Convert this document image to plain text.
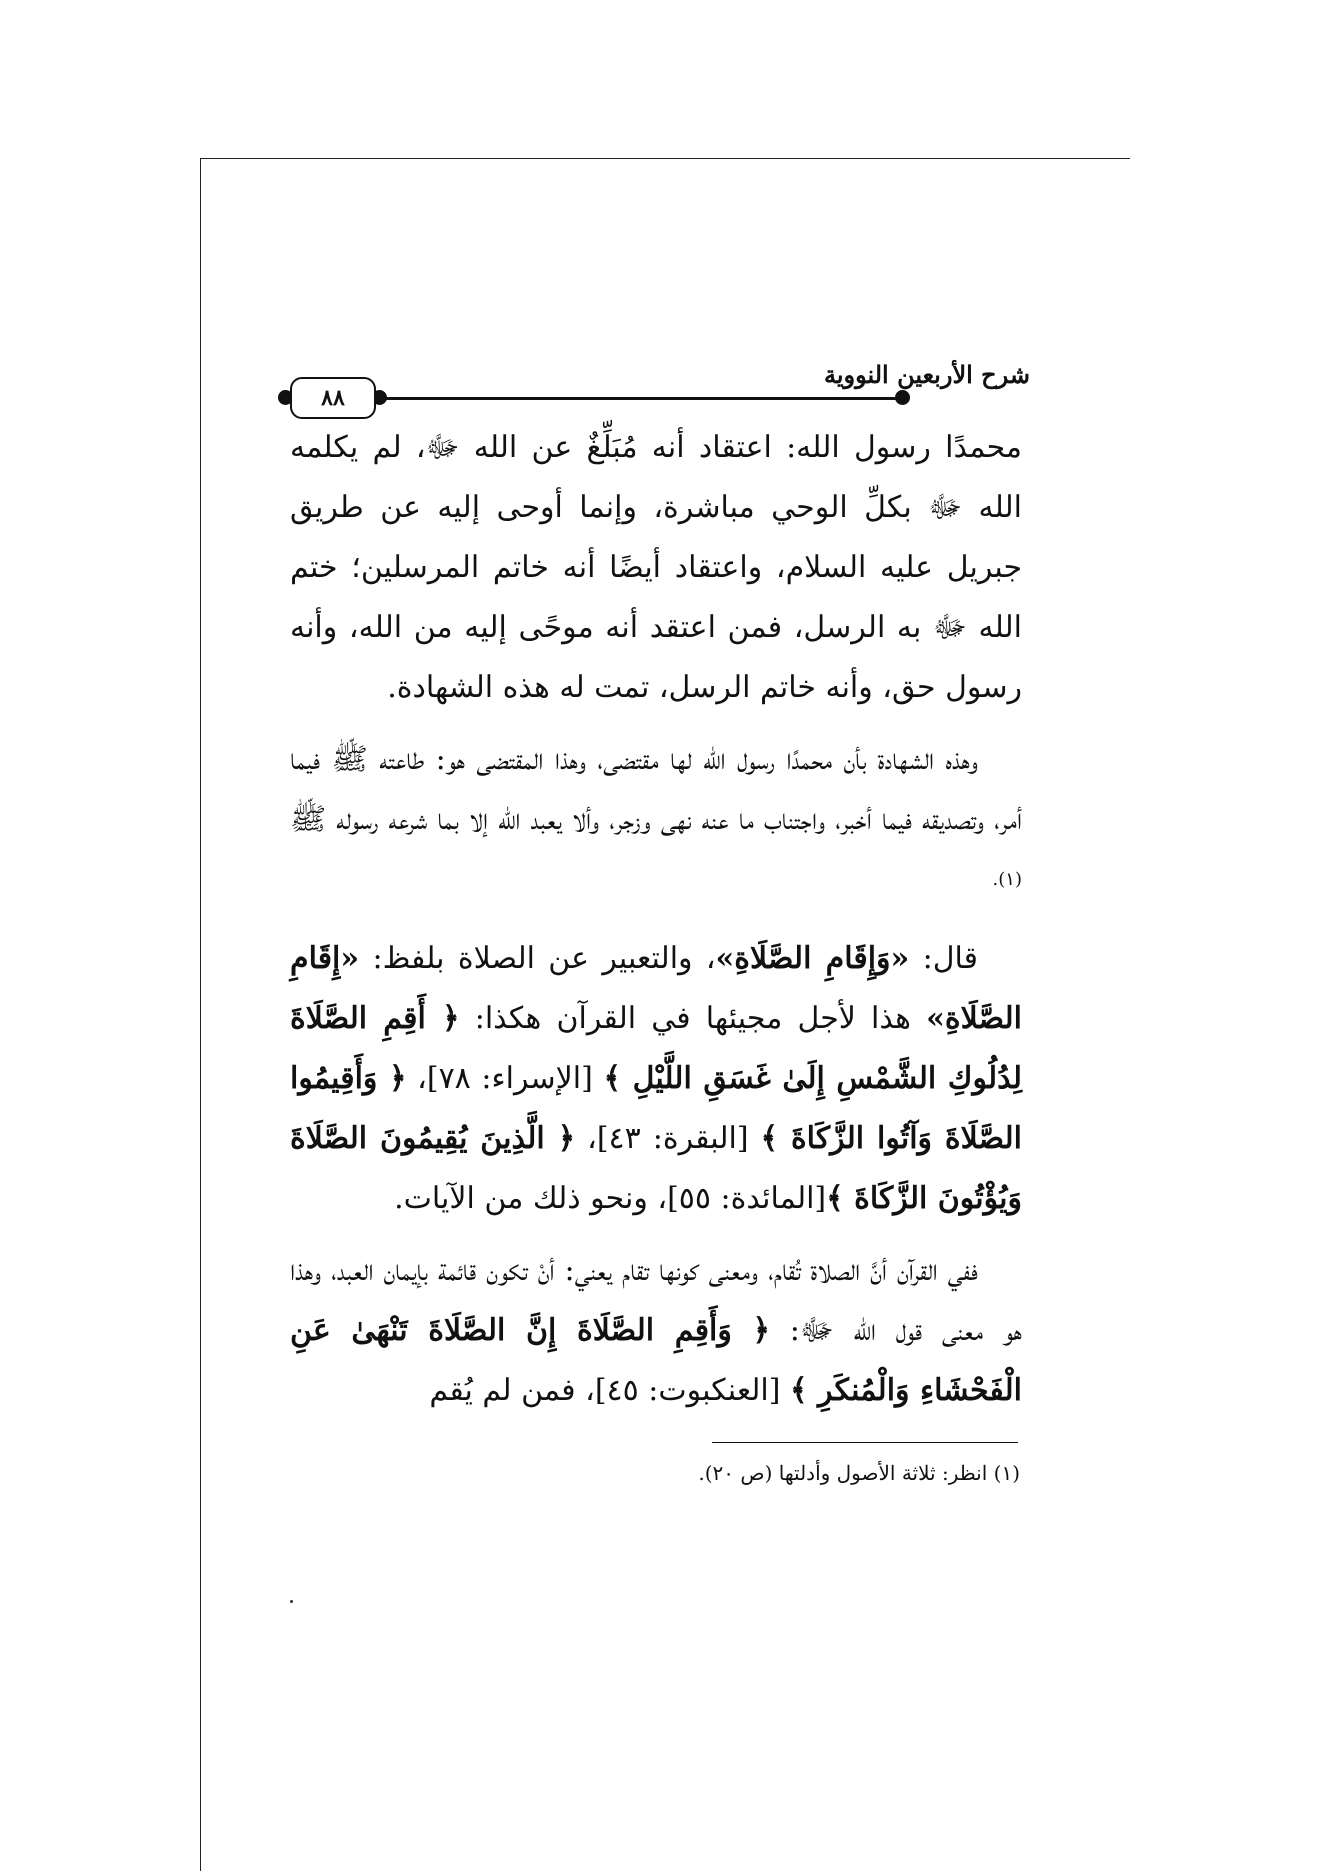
٨٨
شرح الأربعين النووية

محمدًا رسول الله: اعتقاد أنه مُبَلِّغٌ عن الله ﷻ، لم يكلمه الله ﷻ بكلِّ الوحي مباشرة، وإنما أوحى إليه عن طريق جبريل عليه السلام، واعتقاد أيضًا أنه خاتم المرسلين؛ ختم الله ﷻ به الرسل، فمن اعتقد أنه موحًى إليه من الله، وأنه رسول حق، وأنه خاتم الرسل، تمت له هذه الشهادة.

وهذه الشهادة بأن محمدًا رسول الله لها مقتضى، وهذا المقتضى هو: طاعته ﷺ فيما أمر، وتصديقه فيما أخبر، واجتناب ما عنه نهى وزجر، وألا يعبد الله إلا بما شرعه رسوله ﷺ $^{(١).}$

قال: «وَإِقَامِ الصَّلَاةِ»، والتعبير عن الصلاة بلفظ: «إِقَامِ الصَّلَاةِ» هذا لأجل مجيئها في القرآن هكذا: ﴿ أَقِمِ الصَّلَاةَ لِدُلُوكِ الشَّمْسِ إِلَىٰ غَسَقِ اللَّيْلِ ﴾ [الإسراء: ٧٨]، ﴿ وَأَقِيمُوا الصَّلَاةَ وَآتُوا الزَّكَاةَ ﴾ [البقرة: ٤٣]، ﴿ الَّذِينَ يُقِيمُونَ الصَّلَاةَ وَيُؤْتُونَ الزَّكَاةَ ﴾[المائدة: ٥٥]، ونحو ذلك من الآيات.

ففي القرآن أنَّ الصلاة تُقام، ومعنى كونها تقام يعني: أنْ تكون قائمة بإيمان العبد، وهذا هو معنى قول الله ﷻ: ﴿ وَأَقِمِ الصَّلَاةَ إِنَّ الصَّلَاةَ تَنْهَىٰ عَنِ الْفَحْشَاءِ وَالْمُنكَرِ ﴾ [العنكبوت: ٤٥]، فمن لم يُقم

(١) انظر: ثلاثة الأصول وأدلتها (ص ٢٠).
